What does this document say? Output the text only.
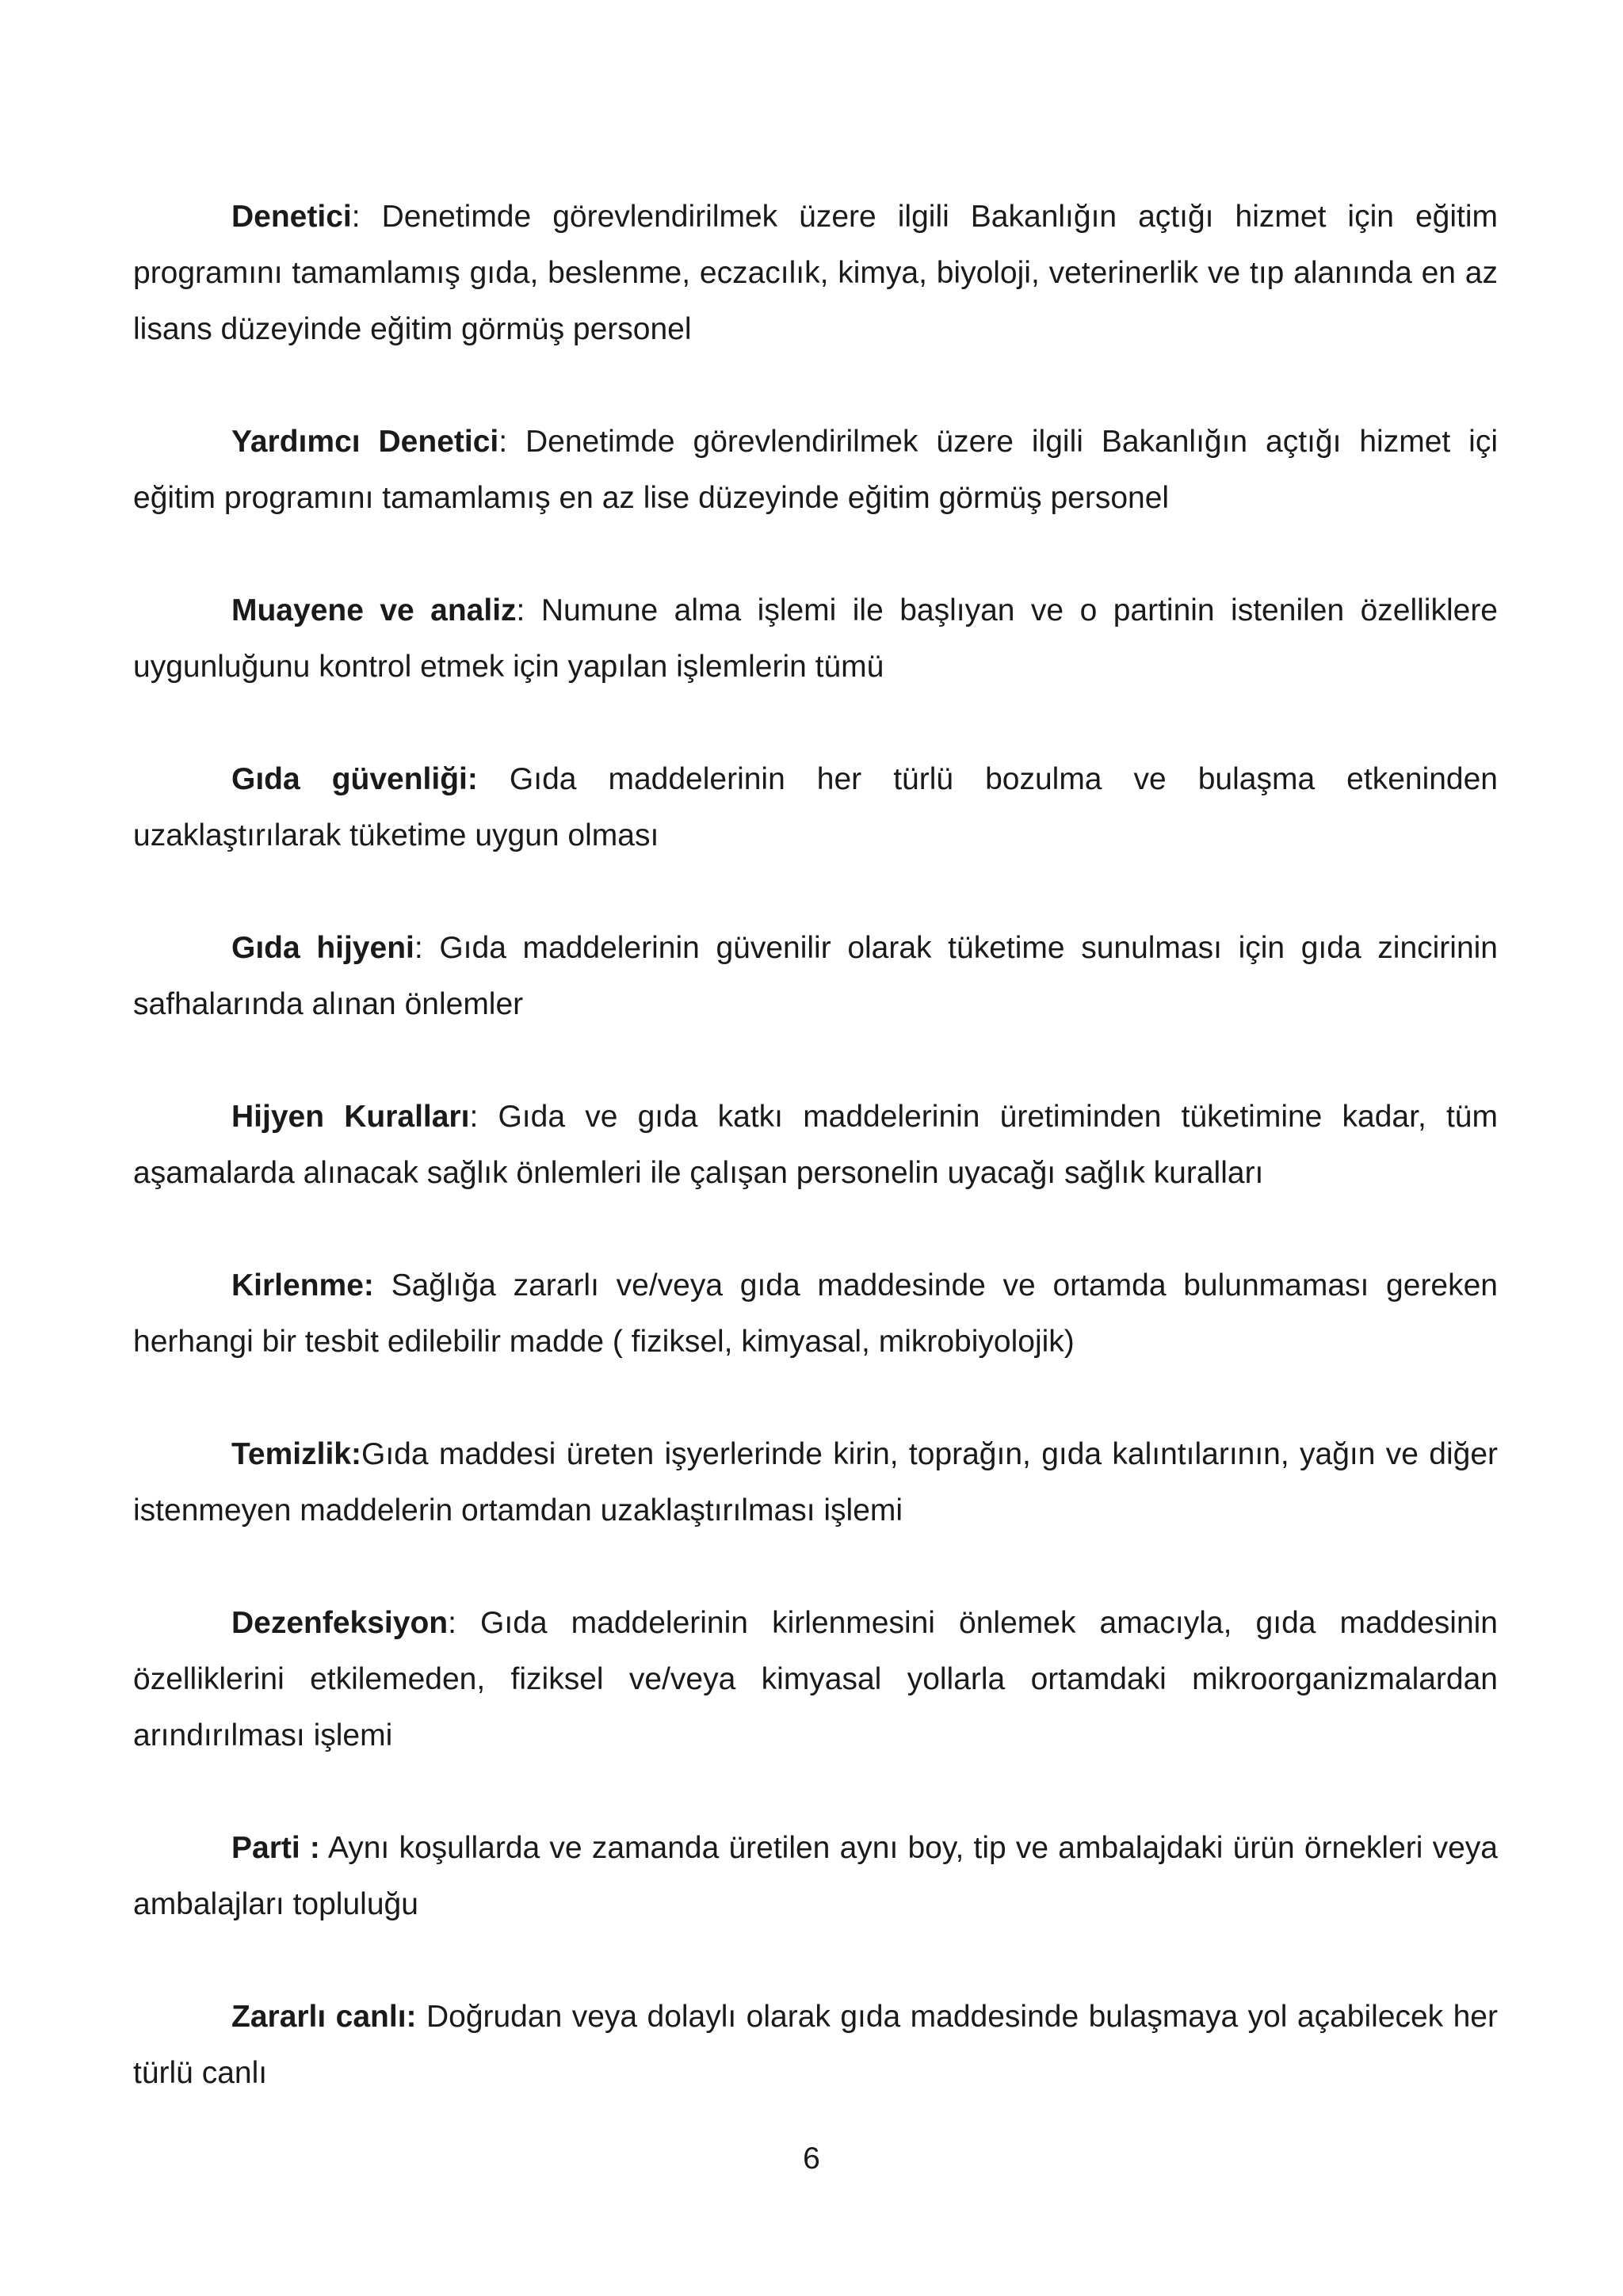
Denetici: Denetimde görevlendirilmek üzere ilgili Bakanlığın açtığı hizmet için eğitim programını tamamlamış gıda, beslenme, eczacılık, kimya, biyoloji, veterinerlik ve tıp alanında en az lisans düzeyinde eğitim görmüş personel

Yardımcı Denetici: Denetimde görevlendirilmek üzere ilgili Bakanlığın açtığı hizmet içi eğitim programını tamamlamış en az lise düzeyinde eğitim görmüş personel

Muayene ve analiz: Numune alma işlemi ile başlıyan ve o partinin istenilen özelliklere uygunluğunu kontrol etmek için yapılan işlemlerin tümü

Gıda güvenliği: Gıda maddelerinin her türlü bozulma ve bulaşma etkeninden uzaklaştırılarak tüketime uygun olması

Gıda hijyeni: Gıda maddelerinin güvenilir olarak tüketime sunulması için gıda zincirinin safhalarında alınan önlemler

Hijyen Kuralları: Gıda ve gıda katkı maddelerinin üretiminden tüketimine kadar, tüm aşamalarda alınacak sağlık önlemleri ile çalışan personelin uyacağı sağlık kuralları

Kirlenme: Sağlığa zararlı ve/veya gıda maddesinde ve ortamda bulunmaması gereken herhangi bir tesbit edilebilir madde ( fiziksel, kimyasal, mikrobiyolojik)

Temizlik:Gıda maddesi üreten işyerlerinde kirin, toprağın, gıda kalıntılarının, yağın ve diğer istenmeyen maddelerin ortamdan uzaklaştırılması işlemi

Dezenfeksiyon: Gıda maddelerinin kirlenmesini önlemek amacıyla, gıda maddesinin özelliklerini etkilemeden, fiziksel ve/veya kimyasal yollarla ortamdaki mikroorganizmalardan arındırılması işlemi

Parti : Aynı koşullarda ve zamanda üretilen aynı boy, tip ve ambalajdaki ürün örnekleri veya ambalajları topluluğu

Zararlı canlı: Doğrudan veya dolaylı olarak gıda maddesinde bulaşmaya yol açabilecek her türlü canlı

6
